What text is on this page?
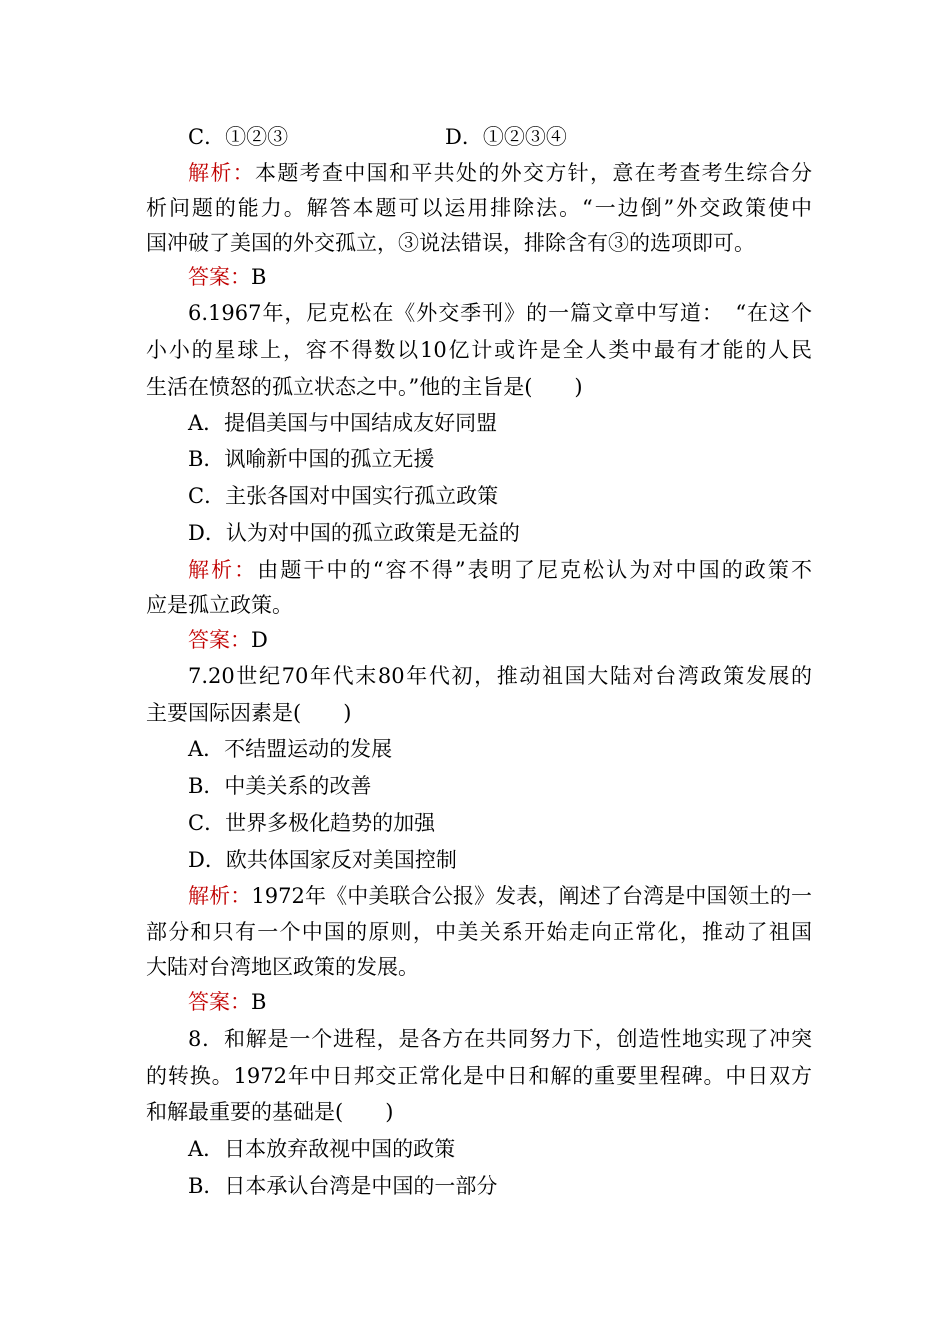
C．①②③	D．①②③④
解析：本题考查中国和平共处的外交方针，意在考查考生综合分
析问题的能力。解答本题可以运用排除法。“一边倒”外交政策使中
国冲破了美国的外交孤立，③说法错误，排除含有③的选项即可。
答案：B
6.1967年，尼克松在《外交季刊》的一篇文章中写道：　“在这个
小小的星球上，容不得数以10亿计或许是全人类中最有才能的人民
生活在愤怒的孤立状态之中。”他的主旨是(　　)
A．提倡美国与中国结成友好同盟
B．讽喻新中国的孤立无援
C．主张各国对中国实行孤立政策
D．认为对中国的孤立政策是无益的
解析：由题干中的“容不得”表明了尼克松认为对中国的政策不
应是孤立政策。
答案：D
7.20世纪70年代末80年代初，推动祖国大陆对台湾政策发展的
主要国际因素是(　　)
A．不结盟运动的发展
B．中美关系的改善
C．世界多极化趋势的加强
D．欧共体国家反对美国控制
解析：1972年《中美联合公报》发表，阐述了台湾是中国领土的一
部分和只有一个中国的原则，中美关系开始走向正常化，推动了祖国
大陆对台湾地区政策的发展。
答案：B
8．和解是一个进程，是各方在共同努力下，创造性地实现了冲突
的转换。1972年中日邦交正常化是中日和解的重要里程碑。中日双方
和解最重要的基础是(　　)
A．日本放弃敌视中国的政策
B．日本承认台湾是中国的一部分
